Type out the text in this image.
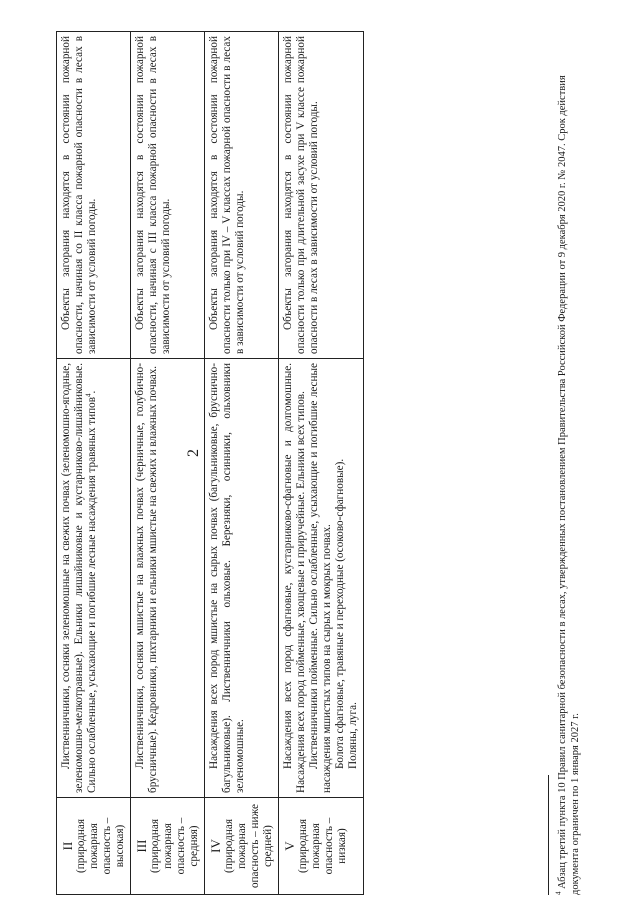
2
II (природная пожарная опасность – высокая)	Лиственничники, сосняки зеленомошные на свежих почвах (зеленомошно-ягодные, зеленомошно-мелкотравные). Ельники лишайниковые и кустарниково-лишайниковые. Сильно ослабленные, усыхающие и погибшие лесные насаждения травяных типов$^4$.	Объекты загорания находятся в состоянии пожарной опасности, начиная со II класса пожарной опасности в лесах в зависимости от условий погоды.

III (природная пожарная опасность – средняя)	Лиственничники, сосняки мшистые на влажных почвах (черничные, голубично-брусничные). Кедровники, пихтарники и ельники мшистые на свежих и влажных почвах.	Объекты загорания находятся в состоянии пожарной опасности, начиная с III класса пожарной опасности в лесах в зависимости от условий погоды.

IV (природная пожарная опасность – ниже средней)	Насаждения всех пород мшистые на сырых почвах (багульниковые, бруснично-багульниковые). Лиственничники ольховые. Березняки, осинники, ольховники зеленомошные.	Объекты загорания находятся в состоянии пожарной опасности только при IV – V классах пожарной опасности в лесах в зависимости от условий погоды.

V (природная пожарная опасность – низкая)	Насаждения всех пород сфагновые, кустарниково-сфагновые и долгомошные. Насаждения всех пород пойменные, хвощевые и приручейные. Ельники всех типов. Лиственничники пойменные. Сильно ослабленные, усыхающие и погибшие лесные насаждения мшистых типов на сырых и мокрых почвах. Болота сфагновые, травяные и переходные (осоково-сфагновые). Поляны, луга.	Объекты загорания находятся в состоянии пожарной опасности только при длительной засухе при V классе пожарной опасности в лесах в зависимости от условий погоды.
$^4$ Абзац третий пункта 10 Правил санитарной безопасности в лесах, утвержденных постановлением Правительства Российской Федерации от 9 декабря 2020 г. № 2047. Срок действия документа ограничен по 1 января 2027 г.
